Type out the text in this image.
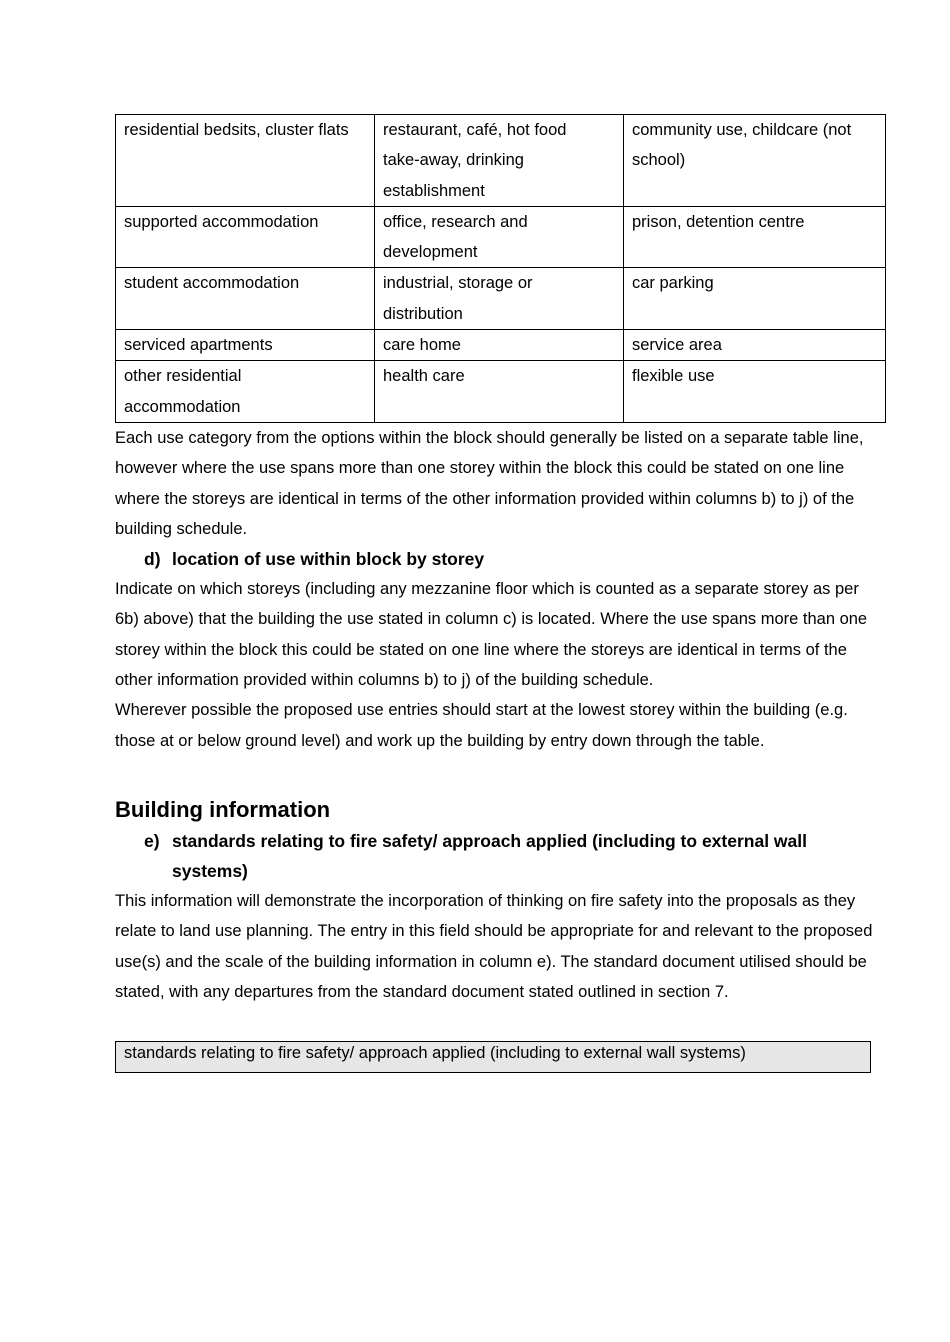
residential bedsits, cluster flats	restaurant, café, hot food take-away, drinking establishment	community use, childcare (not school)
supported accommodation	office, research and development	prison, detention centre
student accommodation	industrial, storage or distribution	car parking
serviced apartments	care home	service area
other residential accommodation	health care	flexible use

Each use category from the options within the block should generally be listed on a separate table line, however where the use spans more than one storey within the block this could be stated on one line where the storeys are identical in terms of the other information provided within columns b) to j) of the building schedule.

d) location of use within block by storey

Indicate on which storeys (including any mezzanine floor which is counted as a separate storey as per 6b) above) that the building the use stated in column c) is located. Where the use spans more than one storey within the block this could be stated on one line where the storeys are identical in terms of the other information provided within columns b) to j) of the building schedule.

Wherever possible the proposed use entries should start at the lowest storey within the building (e.g. those at or below ground level) and work up the building by entry down through the table.

Building information
e) standards relating to fire safety/ approach applied (including to external wall systems)

This information will demonstrate the incorporation of thinking on fire safety into the proposals as they relate to land use planning. The entry in this field should be appropriate for and relevant to the proposed use(s) and the scale of the building information in column e). The standard document utilised should be stated, with any departures from the standard document stated outlined in section 7.

standards relating to fire safety/ approach applied (including to external wall systems)
